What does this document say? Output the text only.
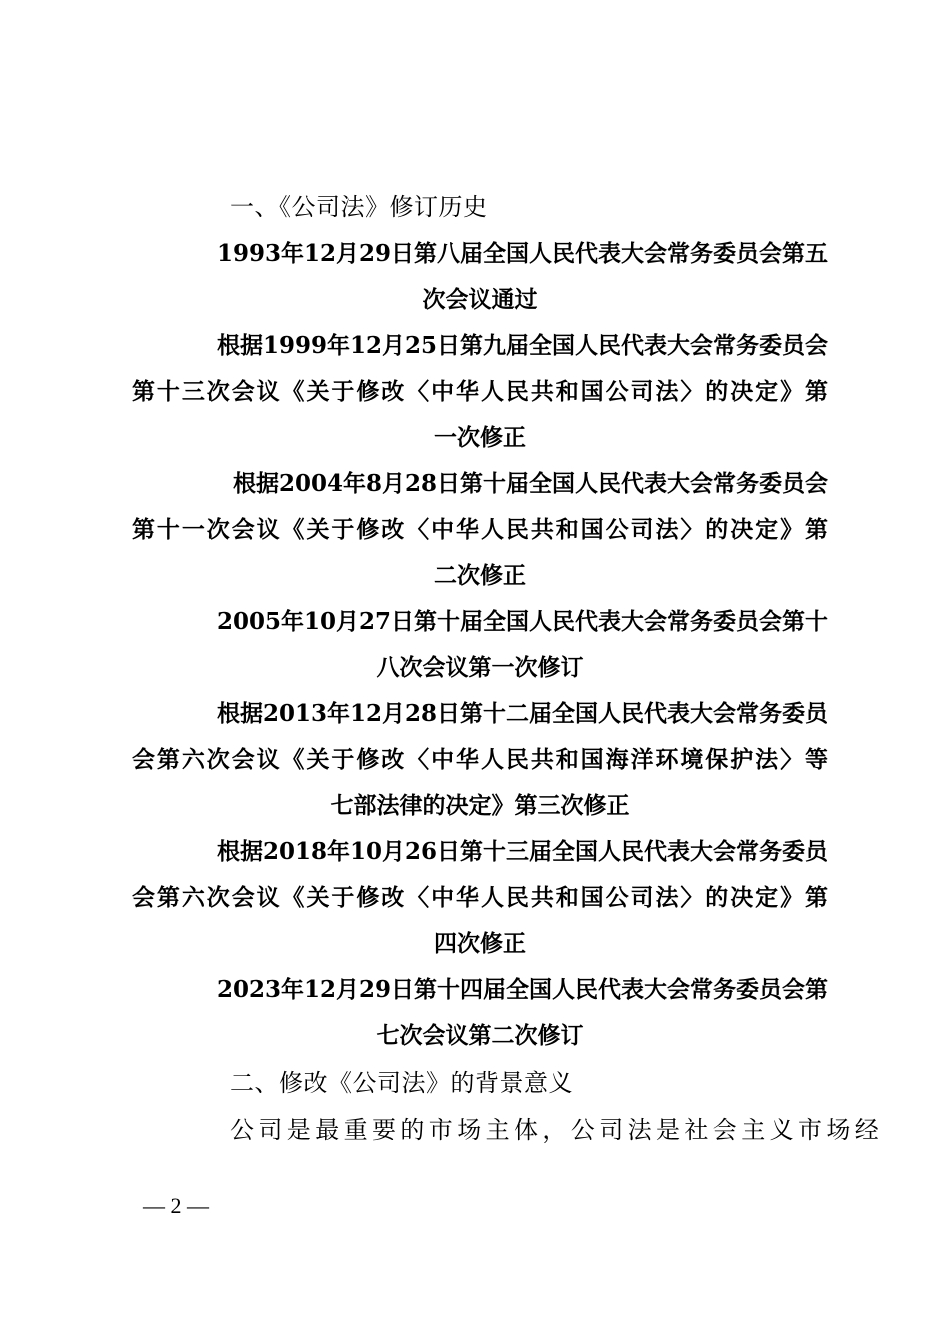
一、《公司法》修订历史
1993年12月29日第八届全国人民代表大会常务委员会第五
次会议通过
根据1999年12月25日第九届全国人民代表大会常务委员会
第十三次会议《关于修改〈中华人民共和国公司法〉的决定》第
一次修正
根据2004年8月28日第十届全国人民代表大会常务委员会
第十一次会议《关于修改〈中华人民共和国公司法〉的决定》第
二次修正
2005年10月27日第十届全国人民代表大会常务委员会第十
八次会议第一次修订
根据2013年12月28日第十二届全国人民代表大会常务委员
会第六次会议《关于修改〈中华人民共和国海洋环境保护法〉等
七部法律的决定》第三次修正
根据2018年10月26日第十三届全国人民代表大会常务委员
会第六次会议《关于修改〈中华人民共和国公司法〉的决定》第
四次修正
2023年12月29日第十四届全国人民代表大会常务委员会第
七次会议第二次修订
二、修改《公司法》的背景意义
公司是最重要的市场主体，公司法是社会主义市场经
— 2 —
